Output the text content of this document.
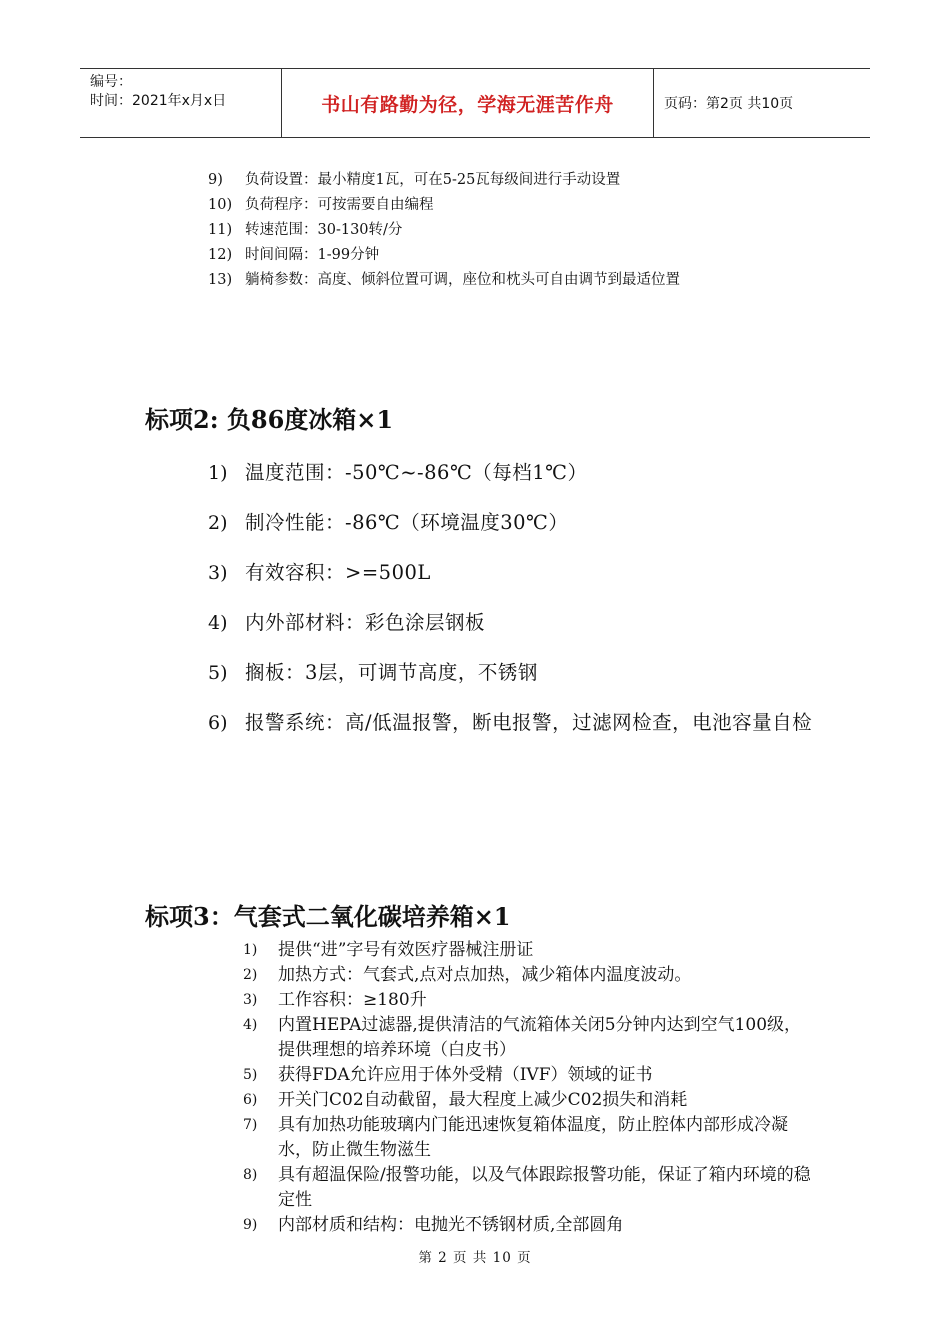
编号：
时间：2021年x月x日	书山有路勤为径，学海无涯苦作舟	页码：第2页 共10页
9)	负荷设置：最小精度1瓦，可在5-25瓦每级间进行手动设置
10) 负荷程序：可按需要自由编程
11) 转速范围：30-130转/分
12) 时间间隔：1-99分钟
13) 躺椅参数：高度、倾斜位置可调，座位和枕头可自由调节到最适位置
标项2: 负86度冰箱×1
1) 温度范围：-50℃~-86℃（每档1℃）
2) 制冷性能：-86℃（环境温度30℃）
3) 有效容积：>=500L
4) 内外部材料：彩色涂层钢板
5) 搁板：3层，可调节高度，不锈钢
6) 报警系统：高/低温报警，断电报警，过滤网检查，电池容量自检
标项3：气套式二氧化碳培养箱×1
1)	提供“进”字号有效医疗器械注册证
2)	加热方式：气套式,点对点加热，减少箱体内温度波动。
3)	工作容积：≥180升
4)	内置HEPA过滤器,提供清洁的气流箱体关闭5分钟内达到空气100级，提供理想的培养环境（白皮书）
5)	获得FDA允许应用于体外受精（IVF）领域的证书
6)	开关门C02自动截留，最大程度上减少C02损失和消耗
7)	具有加热功能玻璃内门能迅速恢复箱体温度，防止腔体内部形成冷凝水，防止微生物滋生
8)	具有超温保险/报警功能，以及气体跟踪报警功能，保证了箱内环境的稳定性
9)	内部材质和结构：电抛光不锈钢材质,全部圆角
第 2 页 共 10 页
